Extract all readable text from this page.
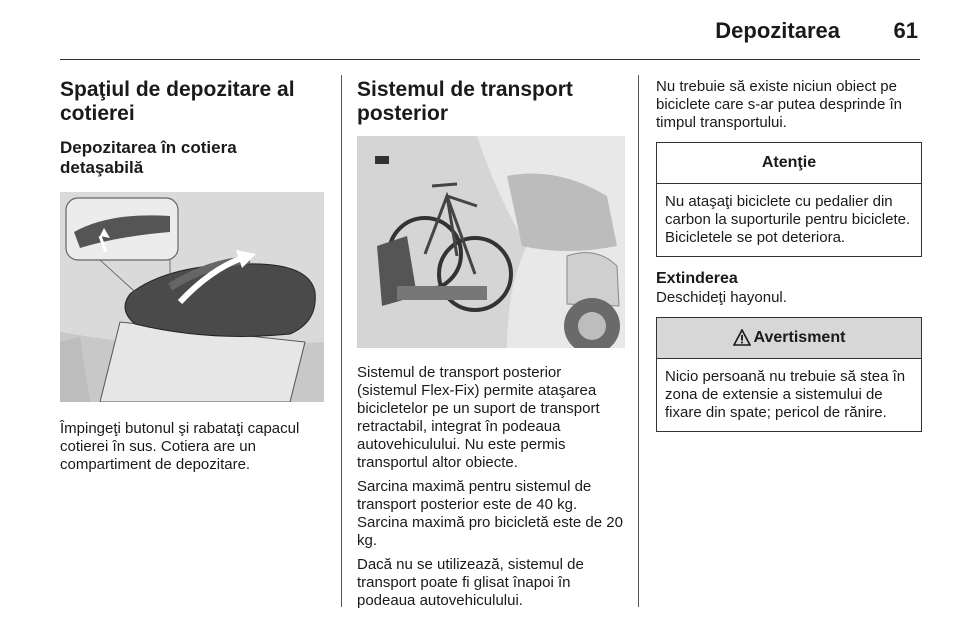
Depozitarea 61
Spaţiul de depozitare al cotierei
Depozitarea în cotiera detaşabilă

Împingeţi butonul şi rabataţi capacul cotierei în sus. Cotiera are un compartiment de depozitare.

Sistemul de transport posterior

Sistemul de transport posterior (sistemul Flex-Fix) permite ataşarea bicicletelor pe un suport de transport retractabil, integrat în podeaua autovehiculului. Nu este permis transportul altor obiecte.

Sarcina maximă pentru sistemul de transport posterior este de 40 kg. Sarcina maximă pro bicicletă este de 20 kg.

Dacă nu se utilizează, sistemul de transport poate fi glisat înapoi în podeaua autovehiculului.

Nu trebuie să existe niciun obiect pe biciclete care s-ar putea desprinde în timpul transportului.

Atenţie
Nu ataşaţi biciclete cu pedalier din carbon la suporturile pentru biciclete. Bicicletele se pot deteriora.
Extinderea

Deschideţi hayonul.

Avertisment
Nicio persoană nu trebuie să stea în zona de extensie a sistemului de fixare din spate; pericol de rănire.
